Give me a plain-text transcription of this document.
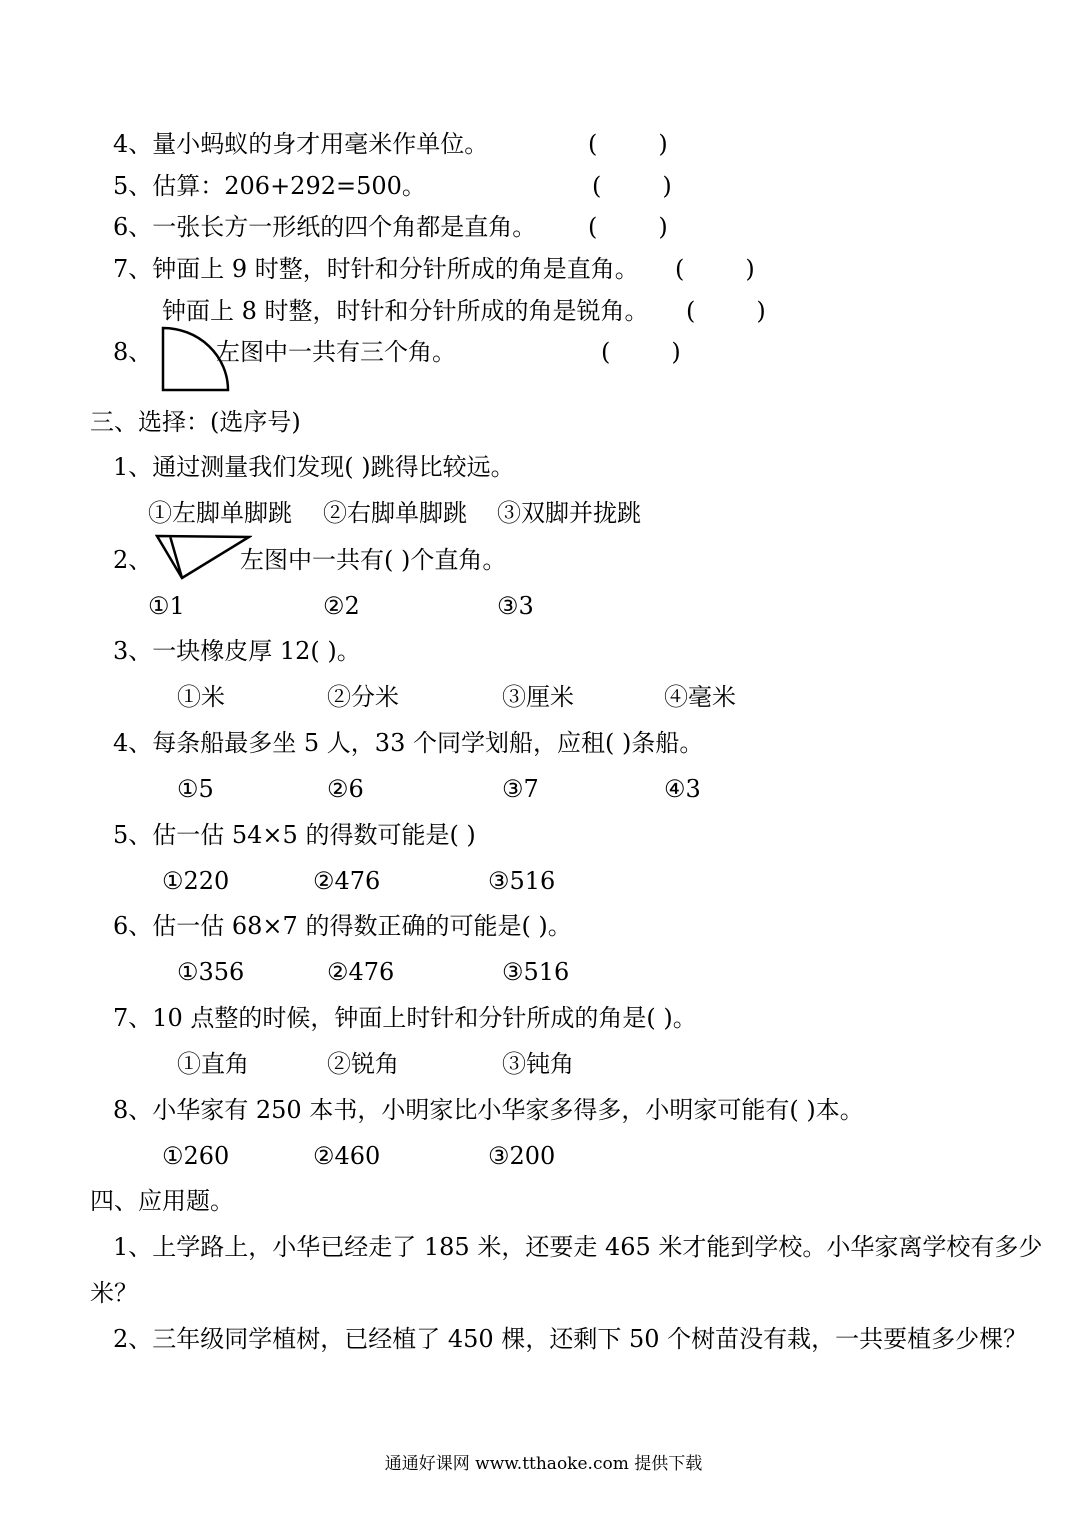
4、量小蚂蚁的身才用毫米作单位。	(        )
5、估算：206+292=500。	(        )
6、一张长方一形纸的四个角都是直角。 (        )
7、钟面上 9 时整，时针和分针所成的角是直角。 (        )
钟面上 8 时整，时针和分针所成的角是锐角。 (        )
8、	左图中一共有三个角。	(        )
三、选择：(选序号)
1、通过测量我们发现( )跳得比较远。
①左脚单脚跳 ②右脚单脚跳 ③双脚并拢跳
2、	左图中一共有( )个直角。
①1	②2	③3
3、一块橡皮厚 12( )。
①米	②分米	③厘米	④毫米
4、每条船最多坐 5 人，33 个同学划船，应租( )条船。
①5	②6	③7	④3
5、估一估 54×5 的得数可能是( )
①220	②476	③516
6、估一估 68×7 的得数正确的可能是( )。
①356	②476	③516
7、10 点整的时候，钟面上时针和分针所成的角是( )。
①直角	②锐角	③钝角
8、小华家有 250 本书，小明家比小华家多得多，小明家可能有( )本。
①260	②460	③200
四、应用题。
1、上学路上，小华已经走了 185 米，还要走 465 米才能到学校。小华家离学校有多少
米？
2、三年级同学植树，已经植了 450 棵，还剩下 50 个树苗没有栽，一共要植多少棵？
通通好课网 www.tthaoke.com 提供下载
